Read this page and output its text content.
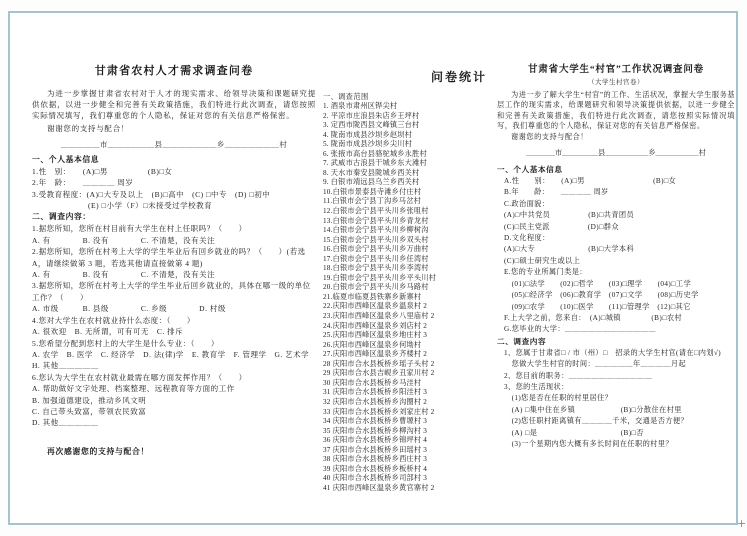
甘肃省农村人才需求调查问卷
为进一步掌握甘肃省农村对于人才的现实需求、给领导决策和课题研究提供依据，以进一步健全和完善有关政策措施，我们特进行此次调查，请您按照实际情况填写，我们尊重您的个人隐私，保证对您的有关信息严格保密。
谢谢您的支持与配合！
＿＿＿＿＿市＿＿＿＿＿＿县＿＿＿＿＿＿＿乡＿＿＿＿＿＿＿村
一、个人基本信息
1.性　别：　　(A)□男　　　　　(B)□女
2.年　龄：　　＿＿＿＿ 周岁
3.受教育程度：(A)□大专及以上　(B)□高中　(C) □中专　(D) □初中
　　　　　　　(E) □小学（F）□未接受过学校教育
二、调查内容：
1.据您所知，您所在村目前有大学生在村上任职吗？（　　）
A. 有　　　　B. 没有　　　　C. 不清楚，没有关注
2.据您所知，您所在村考上大学的学生毕业后有回乡就业的吗？（　　）(若选 A，请继续做第 3 题，若选其他请直接做第 4 题)
A. 有　　　　B. 没有　　　　C. 不清楚，没有关注
3.据您所知，您所在村考上大学的学生毕业后回乡就业的，具体在哪一级的单位工作？（　　）
A. 市级　　　B. 县级　　　　C. 乡级　　　　D. 村级
4.您对大学生在农村就业持什么态度：（　　）
A. 很欢迎　B. 无所谓，可有可无　C. 排斥
5.您希望分配到您村上的大学生是什么专业：（　　）
A. 农学　B. 医学　C. 经济学　D. 法(律)学　E. 教育学　F. 管理学　G. 艺术学　H. 其他＿＿＿＿＿
6.您认为大学生在农村就业最需在哪方面发挥作用？（　　）
A. 帮助做好文字处理、档案整理、远程教育等方面的工作
B. 加强道德建设，推动乡风文明
C. 自己带头致富，带领农民致富
D. 其他＿＿＿＿＿
再次感谢您的支持与配合！
问卷统计
一、调查范围
1. 酒泉市肃州区铧尖村
2. 平凉市庄浪县朱店乡王坪村
3. 定西市陇西县文峰镇三台村
4. 陇南市成县沙坝乡赵坝村
5. 陇南市成县沙坝乡尖川村
6. 张掖市高台县骆驼城乡永胜村
7. 武威市古浪县干城乡东大滩村
8. 天水市秦安县陇城乡西关村
9. 白银市靖远县乌兰乡西关村
10.白银市景泰县寺滩乡付庄村
11.白银市会宁县丁沟乡马岔村
12.白银市会宁县平头川乡张咀村
13.白银市会宁县平头川乡青龙村
14.白银市会宁县平头川乡柳树沟
15.白银市会宁县平头川乡双头村
16.白银市会宁县平头川乡万曲村
17.白银市会宁县平头川乡任湾村
18.白银市会宁县平头川乡李湾村
19.白银市会宁县平头川乡平头川村
20.白银市会宁县平头川乡马路村
21.临夏市临夏县铁寨乡新寨村
22.庆阳市西峰区温泉乡温泉村 2
23.庆阳市西峰区温泉乡八里庙村 2
24.庆阳市西峰区温泉乡刘店村 2
25.庆阳市西峰区温泉乡地庄村 3
26.庆阳市西峰区温泉乡何坳村
27.庆阳市西峰区温泉乡齐楼村 2
28 庆阳市合水县板桥乡瑶子头村 2
29 庆阳市合水县吉岘乡丑家川村 2
30 庆阳市合水县板桥乡马洼村
31 庆阳市合水县板桥乡阳洼村 3
32 庆阳市合水县板桥乡沟圈村 2
33 庆阳市合水县板桥乡刘家庄村 2
34 庆阳市合水县板桥乡曹塬村 3
35 庆阳市合水县板桥乡柳沟村 3
36 庆阳市合水县板桥乡锦坪村 4
37 庆阳市合水县板桥乡田瑶村 3
38 庆阳市合水县板桥乡西庄村 3
39 庆阳市合水县板桥乡板桥村 4
40 庆阳市合水县板桥乡司部村 3
41 庆阳市西峰区温泉乡黄官寨村 2
甘肃省大学生“村官”工作状况调查问卷
（大学生村官卷）
为进一步了解大学生“村官”的工作、生活状况，掌握大学生服务基层工作的现实需求，给课题研究和领导决策提供依据，以进一步健全和完善有关政策措施，我们特进行此次调查，请您按照实际情况填写，我们尊重您的个人隐私，保证对您的有关信息严格保密。
谢谢您的支持与配合！
＿＿＿＿市＿＿＿＿＿县＿＿＿＿＿＿乡＿＿＿＿＿＿村
一、个人基本信息
A.性　　别：　　(A)□男　　　　　　　　　(B)□女
B.年　　龄：　　＿＿＿＿ 周岁
C.政治面貌：
(A)□中共党员　　　　　(B)□共青团员
(C)□民主党派　　　　　(D)□群众
D.文化程度：
(A)□大专　　　　　　　(B)□大学本科
(C)□硕士研究生或以上
E.您的专业所属门类是：
　(01)□法学　　(02)□哲学　　(03)□理学　　(04)□工学
　(05)□经济学　(06)□教育学　(07)□文学　　(08)□历史学
　(09)□农学　　(10)□医学　　(11)□管理学　(12)□其它
F.上大学之前，您来自：　(A)□城镇　　　　(B)□农村
G.您毕业的大学：＿＿＿＿＿＿＿＿＿＿＿＿
二、调查内容
1、您属于甘肃省□ / 市（州）□　招录的大学生村官(请在□内划√)
　您做大学生村官的时间：＿＿＿＿＿年＿＿＿＿月起
2、您目前的职务：＿＿＿＿＿＿＿＿＿＿＿
3、您的生活现状：
　(1)您是否在任职的村里居住？
　(A) □集中住在乡镇　　　　　　(B)□分散住在村里
　(2)您任职村距离镇有＿＿＿＿千米，交通是否方便？
　(A) □是　　　　　　　　　　　(B)□否
　(3)一个星期内您大概有多长时间在任职的村里？
+
